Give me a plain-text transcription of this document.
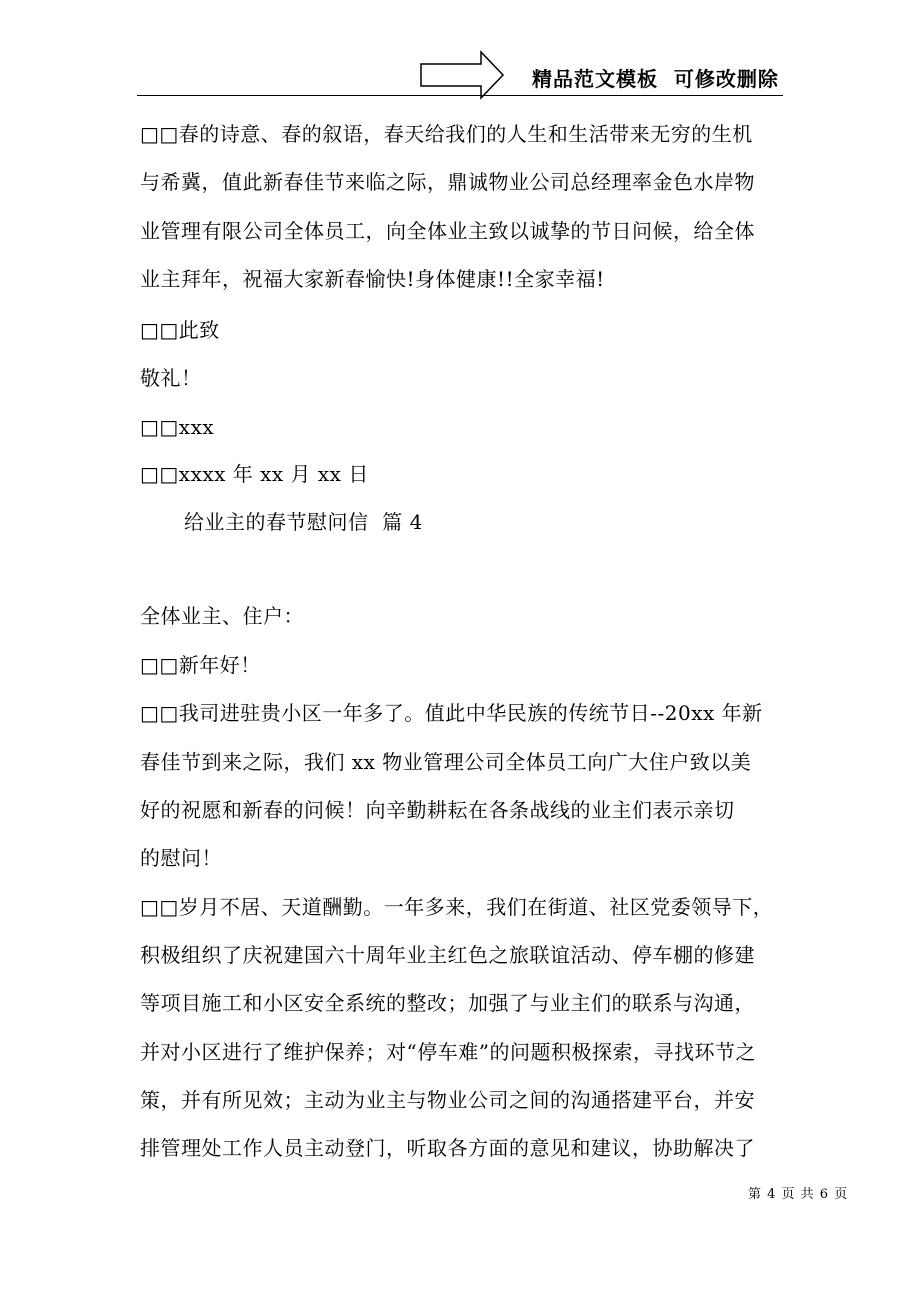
精品范文模板  可修改删除
□□春的诗意、春的叙语，春天给我们的人生和生活带来无穷的生机
与希冀，值此新春佳节来临之际，鼎诚物业公司总经理率金色水岸物
业管理有限公司全体员工，向全体业主致以诚挚的节日问候，给全体
业主拜年，祝福大家新春愉快!身体健康!!全家幸福!
□□此致
敬礼！
□□xxx
□□xxxx 年 xx 月 xx 日
给业主的春节慰问信  篇 4
全体业主、住户：
□□新年好！
□□我司进驻贵小区一年多了。值此中华民族的传统节日--20xx 年新
春佳节到来之际，我们 xx 物业管理公司全体员工向广大住户致以美
好的祝愿和新春的问候！向辛勤耕耘在各条战线的业主们表示亲切
的慰问！
□□岁月不居、天道酬勤。一年多来，我们在街道、社区党委领导下，
积极组织了庆祝建国六十周年业主红色之旅联谊活动、停车棚的修建
等项目施工和小区安全系统的整改；加强了与业主们的联系与沟通，
并对小区进行了维护保养；对“停车难”的问题积极探索，寻找环节之
策，并有所见效；主动为业主与物业公司之间的沟通搭建平台，并安
排管理处工作人员主动登门，听取各方面的意见和建议，协助解决了
第 4 页 共 6 页
